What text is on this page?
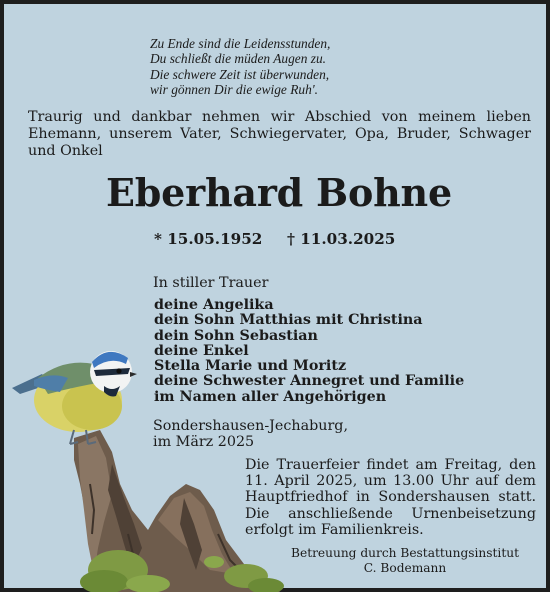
Zu Ende sind die Leidensstunden,
Du schließt die müden Augen zu.
Die schwere Zeit ist überwunden,
wir gönnen Dir die ewige Ruh'.
Traurig und dankbar nehmen wir Abschied von meinem lieben Ehemann, unserem Vater, Schwiegervater, Opa, Bruder, Schwager und Onkel
Eberhard Bohne
* 15.05.1952 † 11.03.2025
In stiller Trauer
deine Angelika
dein Sohn Matthias mit Christina
dein Sohn Sebastian
deine Enkel
Stella Marie und Moritz
deine Schwester Annegret und Familie
im Namen aller Angehörigen
Sondershausen-Jechaburg,
im März 2025
Die Trauerfeier findet am Freitag, den 11. April 2025, um 13.00 Uhr auf dem Hauptfriedhof in Sondershausen statt. Die anschließende Urnenbeisetzung erfolgt im Familienkreis.
Betreuung durch Bestattungsinstitut
C. Bodemann
